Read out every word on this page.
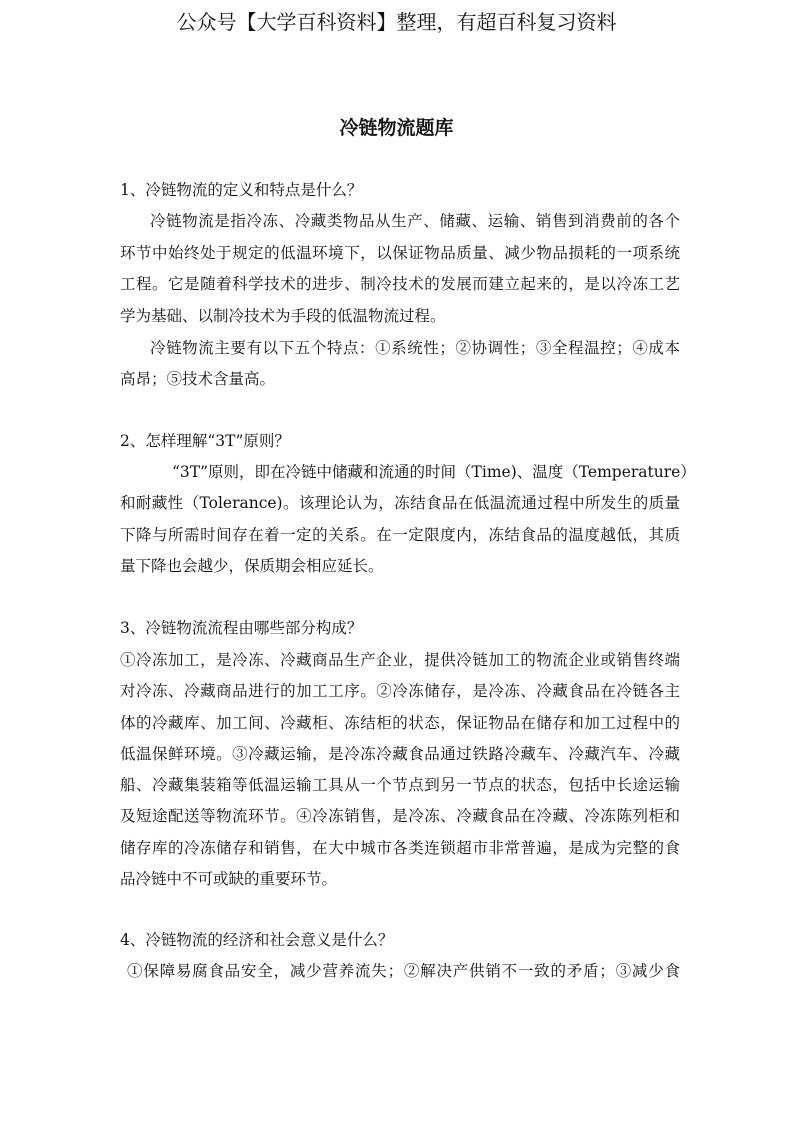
公众号【大学百科资料】整理，有超百科复习资料
冷链物流题库
1、冷链物流的定义和特点是什么？
冷链物流是指冷冻、冷藏类物品从生产、储藏、运输、销售到消费前的各个
环节中始终处于规定的低温环境下，以保证物品质量、减少物品损耗的一项系统
工程。它是随着科学技术的进步、制冷技术的发展而建立起来的，是以冷冻工艺
学为基础、以制冷技术为手段的低温物流过程。
冷链物流主要有以下五个特点：①系统性；②协调性；③全程温控；④成本
高昂；⑤技术含量高。
2、怎样理解“3T”原则？
“3T”原则，即在冷链中储藏和流通的时间（Time)、温度（Temperature）
和耐藏性（Tolerance)。该理论认为，冻结食品在低温流通过程中所发生的质量
下降与所需时间存在着一定的关系。在一定限度内，冻结食品的温度越低，其质
量下降也会越少，保质期会相应延长。
3、冷链物流流程由哪些部分构成？
①冷冻加工，是冷冻、冷藏商品生产企业，提供冷链加工的物流企业或销售终端
对冷冻、冷藏商品进行的加工工序。②冷冻储存，是冷冻、冷藏食品在冷链各主
体的冷藏库、加工间、冷藏柜、冻结柜的状态，保证物品在储存和加工过程中的
低温保鲜环境。③冷藏运输，是冷冻冷藏食品通过铁路冷藏车、冷藏汽车、冷藏
船、冷藏集装箱等低温运输工具从一个节点到另一节点的状态，包括中长途运输
及短途配送等物流环节。④冷冻销售，是冷冻、冷藏食品在冷藏、冷冻陈列柜和
储存库的冷冻储存和销售，在大中城市各类连锁超市非常普遍，是成为完整的食
品冷链中不可或缺的重要环节。
4、冷链物流的经济和社会意义是什么？
①保障易腐食品安全，减少营养流失；②解决产供销不一致的矛盾；③减少食
